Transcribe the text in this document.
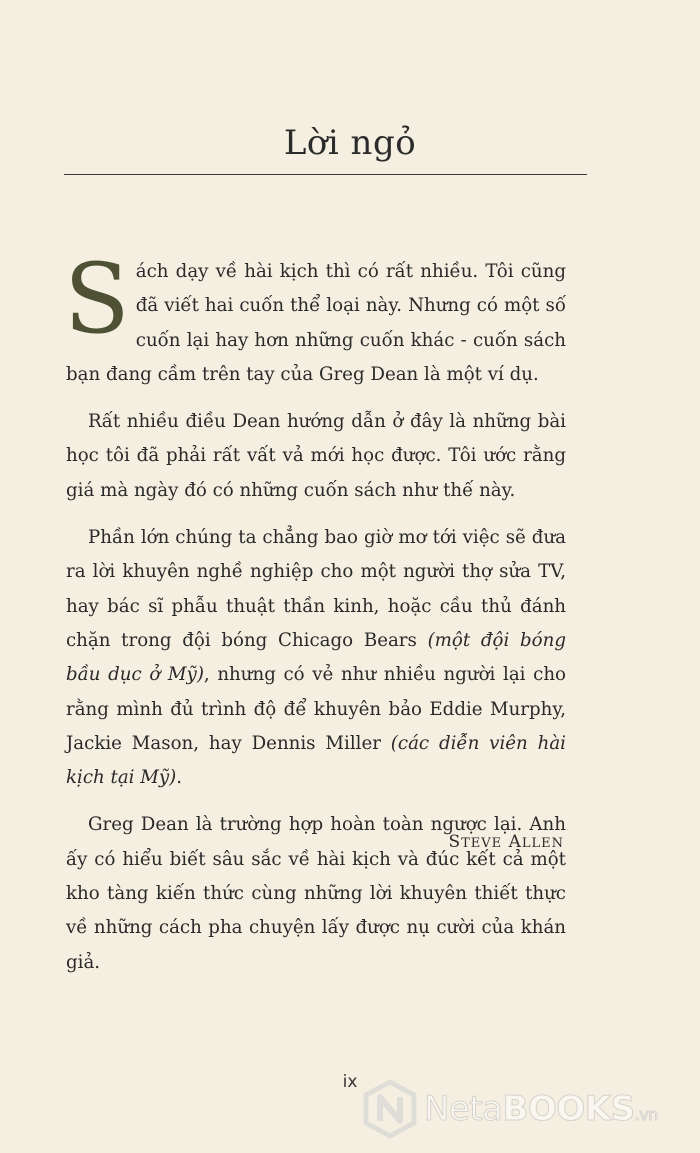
Lời ngỏ

Sách dạy về hài kịch thì có rất nhiều. Tôi cũng đã viết hai cuốn thể loại này. Nhưng có một số cuốn lại hay hơn những cuốn khác - cuốn sách bạn đang cầm trên tay của Greg Dean là một ví dụ.

Rất nhiều điều Dean hướng dẫn ở đây là những bài học tôi đã phải rất vất vả mới học được. Tôi ước rằng giá mà ngày đó có những cuốn sách như thế này.

Phần lớn chúng ta chẳng bao giờ mơ tới việc sẽ đưa ra lời khuyên nghề nghiệp cho một người thợ sửa TV, hay bác sĩ phẫu thuật thần kinh, hoặc cầu thủ đánh chặn trong đội bóng Chicago Bears (một đội bóng bầu dục ở Mỹ), nhưng có vẻ như nhiều người lại cho rằng mình đủ trình độ để khuyên bảo Eddie Murphy, Jackie Mason, hay Dennis Miller (các diễn viên hài kịch tại Mỹ).

Greg Dean là trường hợp hoàn toàn ngược lại. Anh ấy có hiểu biết sâu sắc về hài kịch và đúc kết cả một kho tàng kiến thức cùng những lời khuyên thiết thực về những cách pha chuyện lấy được nụ cười của khán giả.

STEVE ALLEN
ix
NetaBOOKS.vn
